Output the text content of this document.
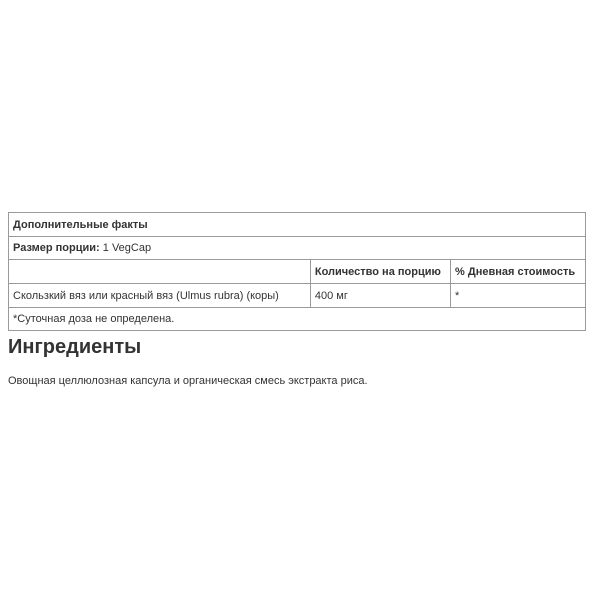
Дополнительные факты		
Размер порции: 1 VegCap		
	Количество на порцию	% Дневная стоимость
Скользкий вяз или красный вяз (Ulmus rubra) (коры)	400 мг	*
*Суточная доза не определена.		
Ингредиенты

Овощная целлюлозная капсула и органическая смесь экстракта риса.
